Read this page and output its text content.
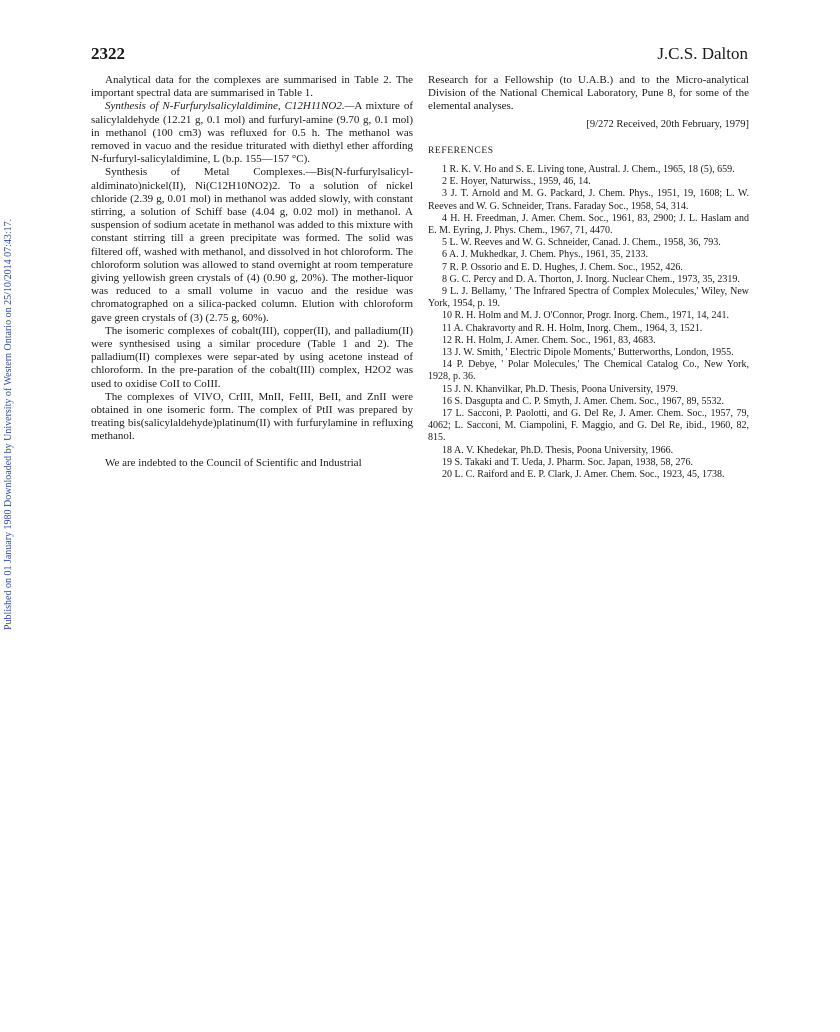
2322	J.C.S. Dalton
Published on 01 January 1980 Downloaded by University of Western Ontario on 25/10/2014 07:43:17.

Analytical data for the complexes are summarised in Table 2. The important spectral data are summarised in Table 1.

Synthesis of N-Furfurylsalicylaldimine, C12H11NO2.—A mixture of salicylaldehyde (12.21 g, 0.1 mol) and furfuryl-amine (9.70 g, 0.1 mol) in methanol (100 cm3) was refluxed for 0.5 h. The methanol was removed in vacuo and the residue triturated with diethyl ether affording N-furfuryl-salicylaldimine, L (b.p. 155—157 °C).

Synthesis of Metal Complexes.—Bis(N-furfurylsalicyl-aldiminato)nickel(II), Ni(C12H10NO2)2. To a solution of nickel chloride (2.39 g, 0.01 mol) in methanol was added slowly, with constant stirring, a solution of Schiff base (4.04 g, 0.02 mol) in methanol. A suspension of sodium acetate in methanol was added to this mixture with constant stirring till a green precipitate was formed. The solid was filtered off, washed with methanol, and dissolved in hot chloroform. The chloroform solution was allowed to stand overnight at room temperature giving yellowish green crystals of (4) (0.90 g, 20%). The mother-liquor was reduced to a small volume in vacuo and the residue was chromatographed on a silica-packed column. Elution with chloroform gave green crystals of (3) (2.75 g, 60%).

The isomeric complexes of cobalt(III), copper(II), and palladium(II) were synthesised using a similar procedure (Table 1 and 2). The palladium(II) complexes were separ-ated by using acetone instead of chloroform. In the pre-paration of the cobalt(III) complex, H2O2 was used to oxidise CoII to CoIII.

The complexes of VIVO, CrIII, MnII, FeIII, BeII, and ZnII were obtained in one isomeric form. The complex of PtII was prepared by treating bis(salicylaldehyde)platinum(II) with furfurylamine in refluxing methanol.

We are indebted to the Council of Scientific and Industrial

Research for a Fellowship (to U.A.B.) and to the Micro-analytical Division of the National Chemical Laboratory, Pune 8, for some of the elemental analyses.

[9/272 Received, 20th February, 1979]
REFERENCES

1 R. K. V. Ho and S. E. Living tone, Austral. J. Chem., 1965, 18 (5), 659.

2 E. Hoyer, Naturwiss., 1959, 46, 14.

3 J. T. Arnold and M. G. Packard, J. Chem. Phys., 1951, 19, 1608; L. W. Reeves and W. G. Schneider, Trans. Faraday Soc., 1958, 54, 314.

4 H. H. Freedman, J. Amer. Chem. Soc., 1961, 83, 2900; J. L. Haslam and E. M. Eyring, J. Phys. Chem., 1967, 71, 4470.

5 L. W. Reeves and W. G. Schneider, Canad. J. Chem., 1958, 36, 793.

6 A. J. Mukhedkar, J. Chem. Phys., 1961, 35, 2133.

7 R. P. Ossorio and E. D. Hughes, J. Chem. Soc., 1952, 426.

8 G. C. Percy and D. A. Thorton, J. Inorg. Nuclear Chem., 1973, 35, 2319.

9 L. J. Bellamy, ' The Infrared Spectra of Complex Molecules,' Wiley, New York, 1954, p. 19.

10 R. H. Holm and M. J. O'Connor, Progr. Inorg. Chem., 1971, 14, 241.

11 A. Chakravorty and R. H. Holm, Inorg. Chem., 1964, 3, 1521.

12 R. H. Holm, J. Amer. Chem. Soc., 1961, 83, 4683.

13 J. W. Smith, ' Electric Dipole Moments,' Butterworths, London, 1955.

14 P. Debye, ' Polar Molecules,' The Chemical Catalog Co., New York, 1928, p. 36.

15 J. N. Khanvilkar, Ph.D. Thesis, Poona University, 1979.

16 S. Dasgupta and C. P. Smyth, J. Amer. Chem. Soc., 1967, 89, 5532.

17 L. Sacconi, P. Paolotti, and G. Del Re, J. Amer. Chem. Soc., 1957, 79, 4062; L. Sacconi, M. Ciampolini, F. Maggio, and G. Del Re, ibid., 1960, 82, 815.

18 A. V. Khedekar, Ph.D. Thesis, Poona University, 1966.

19 S. Takaki and T. Ueda, J. Pharm. Soc. Japan, 1938, 58, 276.

20 L. C. Raiford and E. P. Clark, J. Amer. Chem. Soc., 1923, 45, 1738.
